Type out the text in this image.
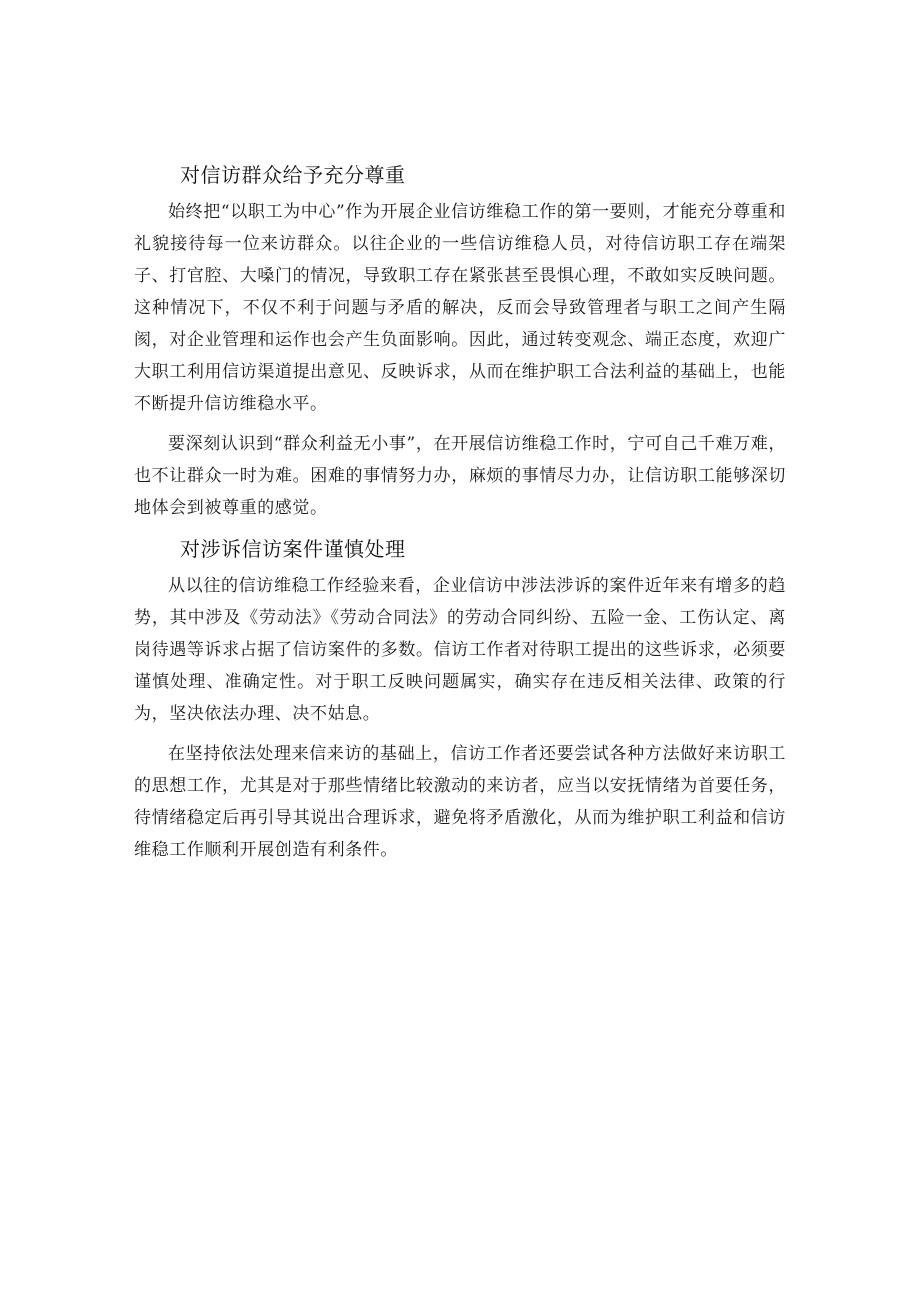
对信访群众给予充分尊重

始终把“以职工为中心”作为开展企业信访维稳工作的第一要则，才能充分尊重和礼貌接待每一位来访群众。以往企业的一些信访维稳人员，对待信访职工存在端架子、打官腔、大嗓门的情况，导致职工存在紧张甚至畏惧心理，不敢如实反映问题。这种情况下，不仅不利于问题与矛盾的解决，反而会导致管理者与职工之间产生隔阂，对企业管理和运作也会产生负面影响。因此，通过转变观念、端正态度，欢迎广大职工利用信访渠道提出意见、反映诉求，从而在维护职工合法利益的基础上，也能不断提升信访维稳水平。

要深刻认识到“群众利益无小事”，在开展信访维稳工作时，宁可自己千难万难，也不让群众一时为难。困难的事情努力办，麻烦的事情尽力办，让信访职工能够深切地体会到被尊重的感觉。

对涉诉信访案件谨慎处理

从以往的信访维稳工作经验来看，企业信访中涉法涉诉的案件近年来有增多的趋势，其中涉及《劳动法》《劳动合同法》的劳动合同纠纷、五险一金、工伤认定、离岗待遇等诉求占据了信访案件的多数。信访工作者对待职工提出的这些诉求，必须要谨慎处理、准确定性。对于职工反映问题属实，确实存在违反相关法律、政策的行为，坚决依法办理、决不姑息。

在坚持依法处理来信来访的基础上，信访工作者还要尝试各种方法做好来访职工的思想工作，尤其是对于那些情绪比较激动的来访者，应当以安抚情绪为首要任务，待情绪稳定后再引导其说出合理诉求，避免将矛盾激化，从而为维护职工利益和信访维稳工作顺利开展创造有利条件。
